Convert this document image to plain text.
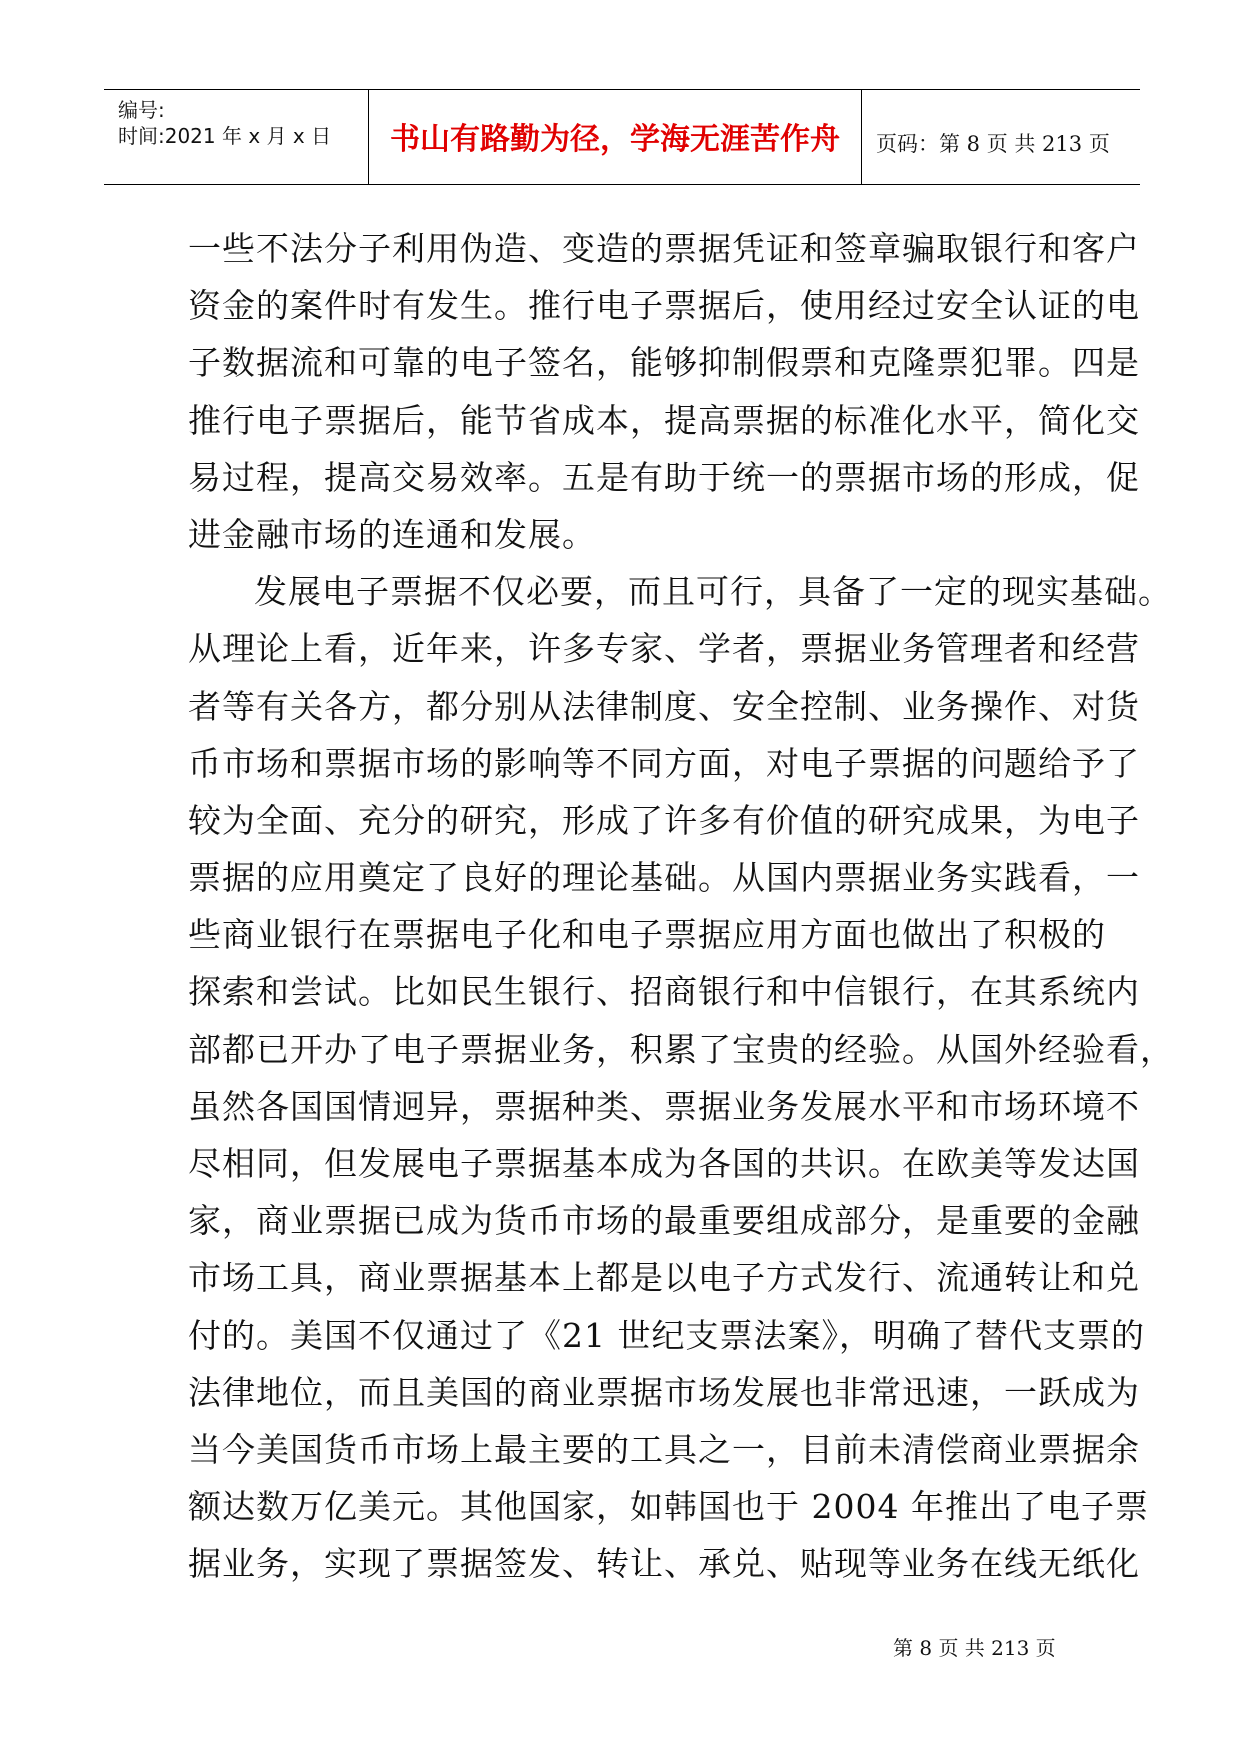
编号:
时间:2021 年 x 月 x 日	书山有路勤为径，学海无涯苦作舟	页码：第 8 页 共 213 页
一些不法分子利用伪造、变造的票据凭证和签章骗取银行和客户
资金的案件时有发生。推行电子票据后，使用经过安全认证的电
子数据流和可靠的电子签名，能够抑制假票和克隆票犯罪。四是
推行电子票据后，能节省成本，提高票据的标准化水平，简化交
易过程，提高交易效率。五是有助于统一的票据市场的形成，促
进金融市场的连通和发展。
发展电子票据不仅必要，而且可行，具备了一定的现实基础。
从理论上看，近年来，许多专家、学者，票据业务管理者和经营
者等有关各方，都分别从法律制度、安全控制、业务操作、对货
币市场和票据市场的影响等不同方面，对电子票据的问题给予了
较为全面、充分的研究，形成了许多有价值的研究成果，为电子
票据的应用奠定了良好的理论基础。从国内票据业务实践看，一
些商业银行在票据电子化和电子票据应用方面也做出了积极的
探索和尝试。比如民生银行、招商银行和中信银行，在其系统内
部都已开办了电子票据业务，积累了宝贵的经验。从国外经验看，
虽然各国国情迥异，票据种类、票据业务发展水平和市场环境不
尽相同，但发展电子票据基本成为各国的共识。在欧美等发达国
家，商业票据已成为货币市场的最重要组成部分，是重要的金融
市场工具，商业票据基本上都是以电子方式发行、流通转让和兑
付的。美国不仅通过了《21 世纪支票法案》，明确了替代支票的
法律地位，而且美国的商业票据市场发展也非常迅速，一跃成为
当今美国货币市场上最主要的工具之一，目前未清偿商业票据余
额达数万亿美元。其他国家，如韩国也于 2004 年推出了电子票
据业务，实现了票据签发、转让、承兑、贴现等业务在线无纸化
第 8 页 共 213 页
